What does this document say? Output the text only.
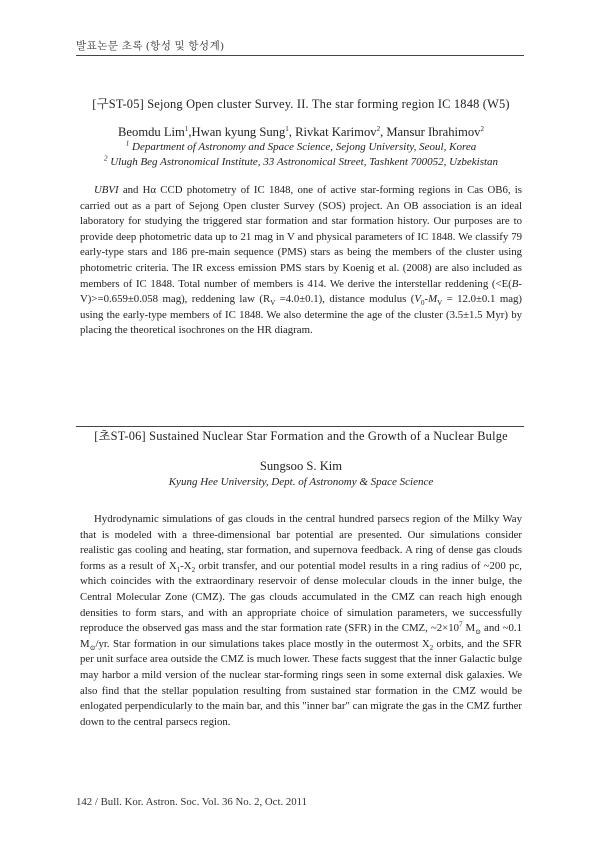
발표논문 초록 (항성 및 항성계)
[구ST-05] Sejong Open cluster Survey. II. The star forming region IC 1848 (W5)
Beomdu Lim$^1$,Hwan kyung Sung$^1$, Rivkat Karimov$^2$, Mansur Ibrahimov$^2$
$^1$ Department of Astronomy and Space Science, Sejong University, Seoul, Korea
$^2$ Ulugh Beg Astronomical Institute, 33 Astronomical Street, Tashkent 700052, Uzbekistan

UBVI and Hα CCD photometry of IC 1848, one of active star-forming regions in Cas OB6, is carried out as a part of Sejong Open cluster Survey (SOS) project. An OB association is an ideal laboratory for studying the triggered star formation and star formation history. Our purposes are to provide deep photometric data up to 21 mag in V and physical parameters of IC 1848. We classify 79 early-type stars and 186 pre-main sequence (PMS) stars as being the members of the cluster using photometric criteria. The IR excess emission PMS stars by Koenig et al. (2008) are also included as members of IC 1848. Total number of members is 414. We derive the interstellar reddening (<E(B-V)>=0.659±0.058 mag), reddening law $(R_V =4.0\pm 0.1)$, distance modulus ($V_0-M_V = 12.0\pm 0.1$ mag) using the early-type members of IC 1848. We also determine the age of the cluster (3.5±1.5 Myr) by placing the theoretical isochrones on the HR diagram.

[초ST-06] Sustained Nuclear Star Formation and the Growth of a Nuclear Bulge
Sungsoo S. Kim
Kyung Hee University, Dept. of Astronomy & Space Science

Hydrodynamic simulations of gas clouds in the central hundred parsecs region of the Milky Way that is modeled with a three-dimensional bar potential are presented. Our simulations consider realistic gas cooling and heating, star formation, and supernova feedback. A ring of dense gas clouds forms as a result of $X_1-X_2$ orbit transfer, and our potential model results in a ring radius of ~200 pc, which coincides with the extraordinary reservoir of dense molecular clouds in the inner bulge, the Central Molecular Zone (CMZ). The gas clouds accumulated in the CMZ can reach high enough densities to form stars, and with an appropriate choice of simulation parameters, we successfully reproduce the observed gas mass and the star formation rate (SFR) in the CMZ, $\sim 2\times 10^7$ $M_⊙$ and ~0.1 $M_⊙/yr$. Star formation in our simulations takes place mostly in the outermost $X_2$ orbits, and the SFR per unit surface area outside the CMZ is much lower. These facts suggest that the inner Galactic bulge may harbor a mild version of the nuclear star-forming rings seen in some external disk galaxies. We also find that the stellar population resulting from sustained star formation in the CMZ would be enlogated perpendicularly to the main bar, and this "inner bar" can migrate the gas in the CMZ further down to the central parsecs region.

142 / Bull. Kor. Astron. Soc. Vol. 36 No. 2, Oct. 2011
